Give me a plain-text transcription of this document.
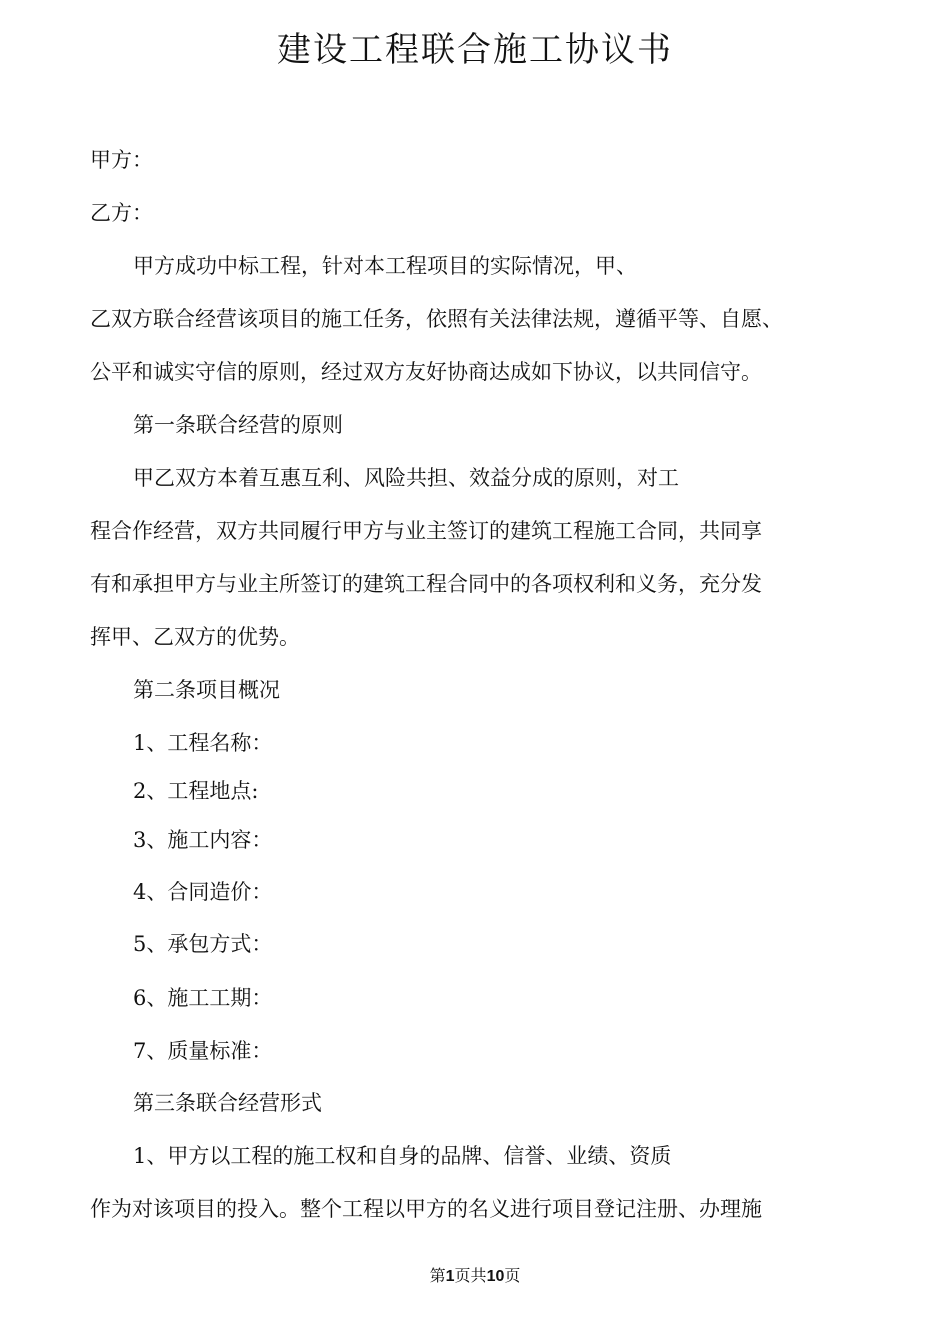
建设工程联合施工协议书
甲方：
乙方：
甲方成功中标工程，针对本工程项目的实际情况，甲、
乙双方联合经营该项目的施工任务，依照有关法律法规，遵循平等、自愿、
公平和诚实守信的原则，经过双方友好协商达成如下协议，以共同信守。
第一条联合经营的原则
甲乙双方本着互惠互利、风险共担、效益分成的原则，对工
程合作经营，双方共同履行甲方与业主签订的建筑工程施工合同，共同享
有和承担甲方与业主所签订的建筑工程合同中的各项权利和义务，充分发
挥甲、乙双方的优势。
第二条项目概况
1、工程名称：
2、工程地点:
3、施工内容：
4、合同造价：
5、承包方式：
6、施工工期：
7、质量标准：
第三条联合经营形式
1、甲方以工程的施工权和自身的品牌、信誉、业绩、资质
作为对该项目的投入。整个工程以甲方的名义进行项目登记注册、办理施
第1页共10页
